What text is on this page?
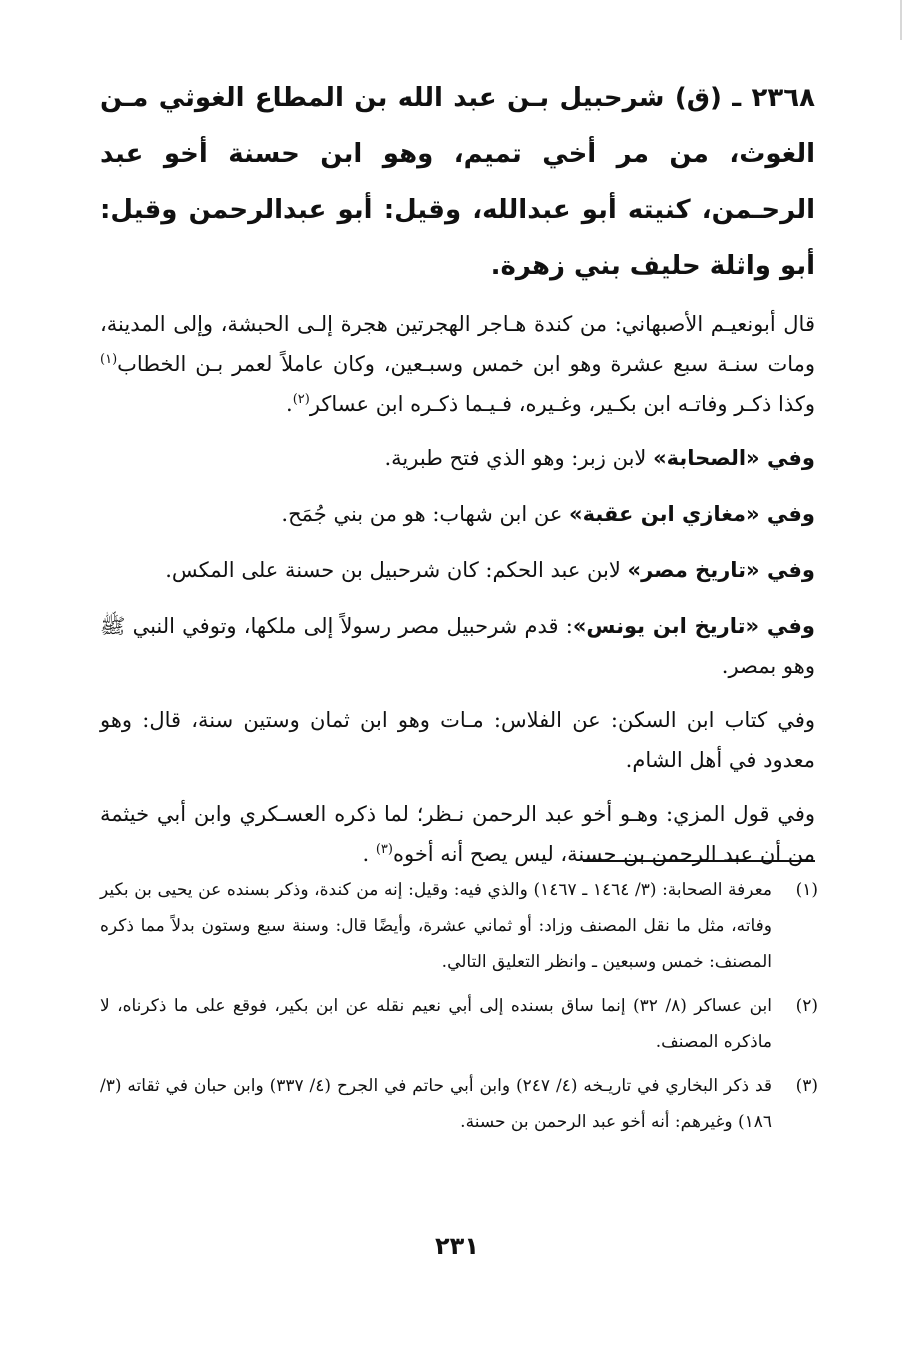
٢٣٦٨ ـ (ق) شرحبيل بـن عبد الله بن المطاع الغوثي مـن الغوث، من مر أخي تميم، وهو ابن حسنة أخو عبد الرحـمن، كنيته أبو عبدالله، وقيل: أبو عبدالرحمن وقيل: أبو واثلة حليف بني زهرة.

قال أبونعيـم الأصبهاني: من كندة هـاجر الهجرتين هجرة إلـى الحبشة، وإلى المدينة، ومات سنـة سبع عشرة وهو ابن خمس وسبـعين، وكان عاملاً لعمر بـن الخطاب$^{(١)}$ وكذا ذكـر وفاتـه ابن بكـير، وغـيره، فـيـما ذكـره ابن عساكر$^{(٢)}$.

وفي «الصحابة» لابن زبر: وهو الذي فتح طبرية.

وفي «مغازي ابن عقبة» عن ابن شهاب: هو من بني جُمَح.

وفي «تاريخ مصر» لابن عبد الحكم: كان شرحبيل بن حسنة على المكس.

وفي «تاريخ ابن يونس»: قدم شرحبيل مصر رسولاً إلى ملكها، وتوفي النبي ﷺ وهو بمصر.

وفي كتاب ابن السكن: عن الفلاس: مـات وهو ابن ثمان وستين سنة، قال: وهو معدود في أهل الشام.

وفي قول المزي: وهـو أخو عبد الرحمن نـظر؛ لما ذكره العسـكري وابن أبي خيثمة من أن عبد الرحمن بن حسنة، ليس يصح أنه أخوه$^{(٣)}$ .

(١)
معرفة الصحابة: (٣/ ١٤٦٤ ـ ١٤٦٧) والذي فيه: وقيل: إنه من كندة، وذكر بسنده عن يحيى بن بكير وفاته، مثل ما نقل المصنف وزاد: أو ثماني عشرة، وأيضًا قال: وسنة سبع وستون بدلاً مما ذكره المصنف: خمس وسبعين ـ وانظر التعليق التالي.
(٢)
ابن عساكر (٨/ ٣٢) إنما ساق بسنده إلى أبي نعيم نقله عن ابن بكير، فوقع على ما ذكرناه، لا ماذكره المصنف.
(٣)
قد ذكر البخاري في تاريـخه (٤/ ٢٤٧) وابن أبي حاتم في الجرح (٤/ ٣٣٧) وابن حبان في ثقاته (٣/ ١٨٦) وغيرهم: أنه أخو عبد الرحمن بن حسنة.
٢٣١
